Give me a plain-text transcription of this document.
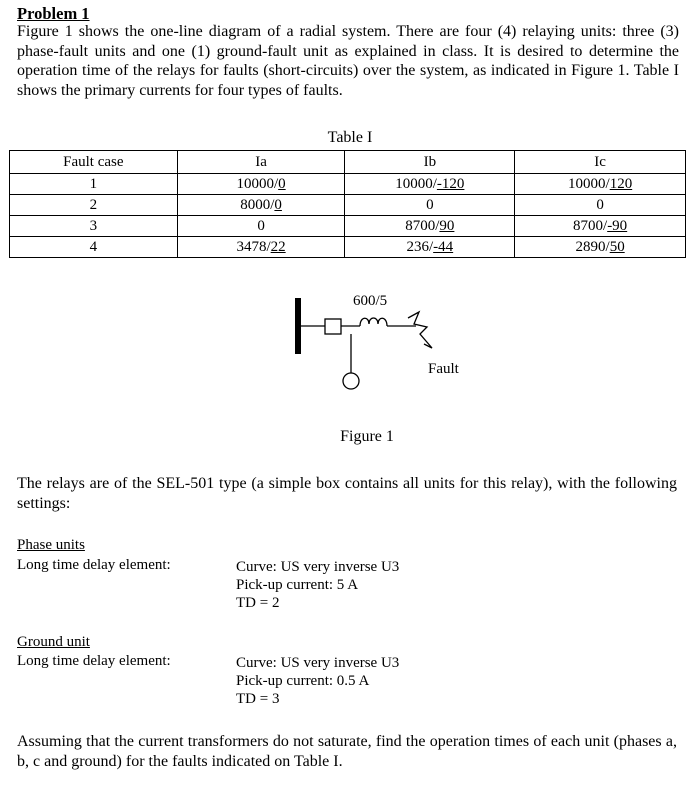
Problem 1
Figure 1 shows the one-line diagram of a radial system. There are four (4) relaying units: three (3) phase-fault units and one (1) ground-fault unit as explained in class. It is desired to determine the operation time of the relays for faults (short-circuits) over the system, as indicated in Figure 1. Table I shows the primary currents for four types of faults.
Table I
Fault case	Ia	Ib	Ic
1	10000/0	10000/-120	10000/120
2	8000/0	0	0
3	0	8700/90	8700/-90
4	3478/22	236/-44	2890/50
600/5
Fault
Figure 1
The relays are of the SEL-501 type (a simple box contains all units for this relay), with the following settings:
Phase units
Long time delay element:	Curve: US very inverse U3
Pick-up current: 5 A
TD = 2
Ground unit
Long time delay element:	Curve: US very inverse U3
Pick-up current: 0.5 A
TD = 3
Assuming that the current transformers do not saturate, find the operation times of each unit (phases a, b, c and ground) for the faults indicated on Table I.
